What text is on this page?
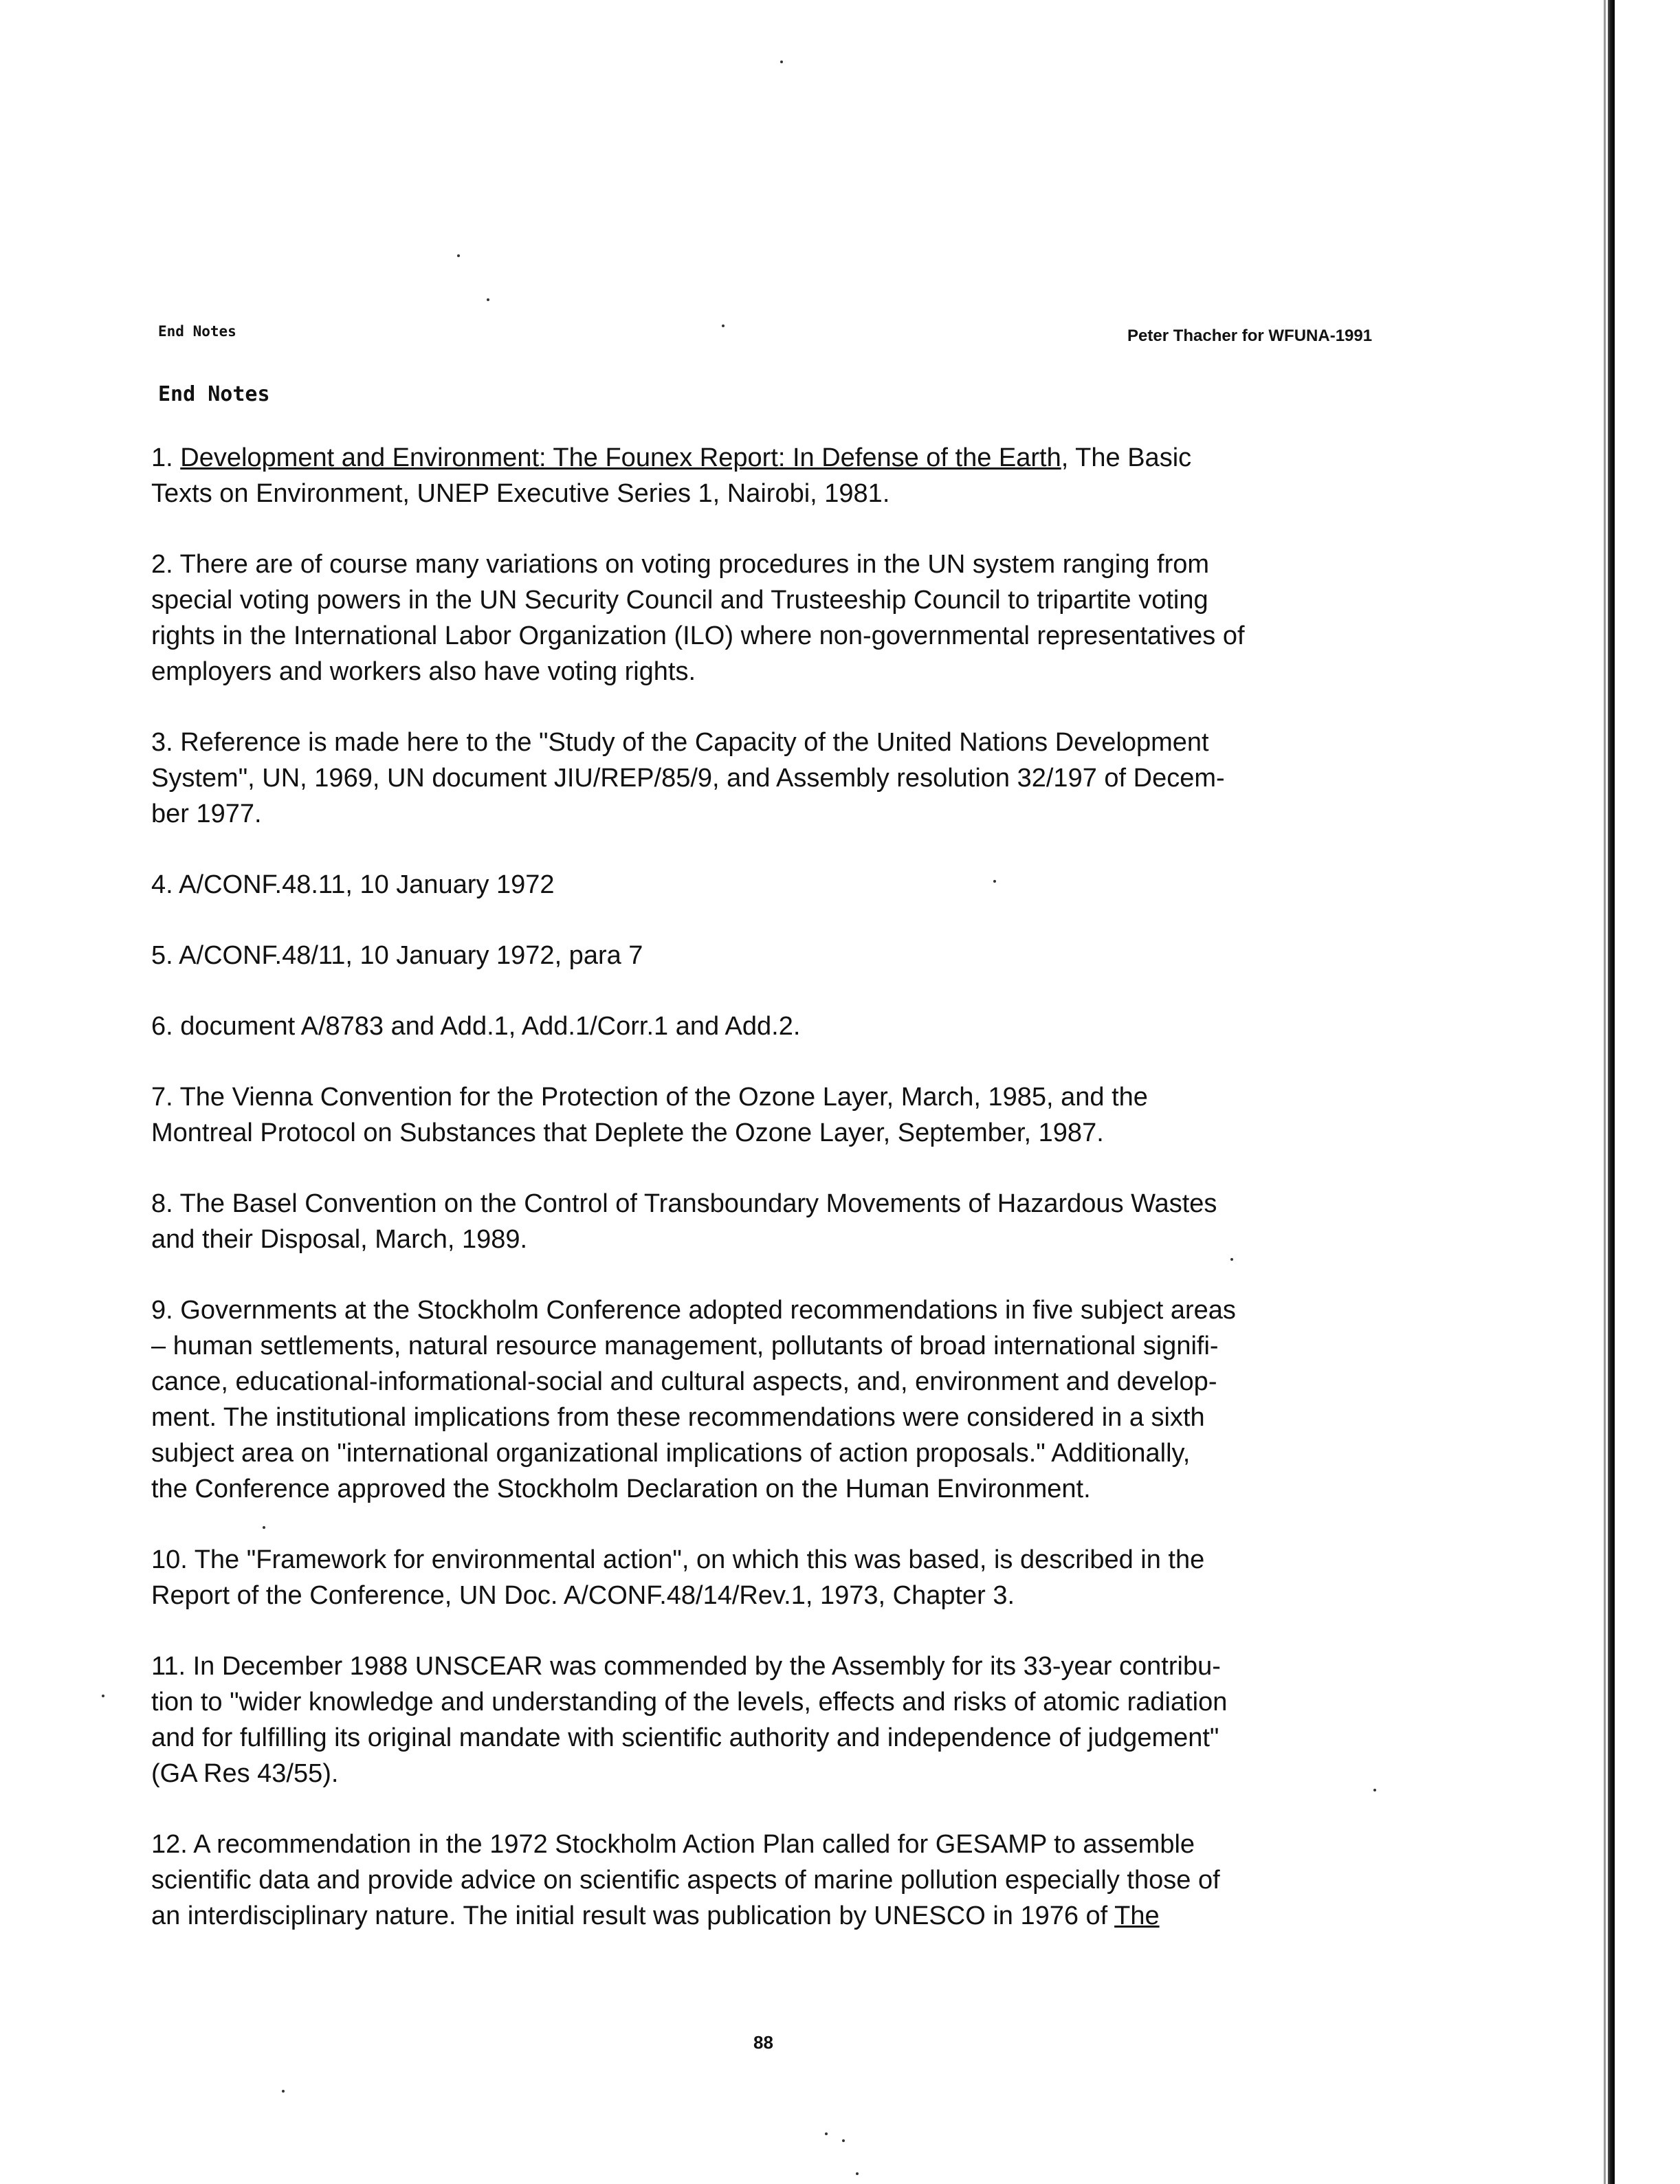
End Notes	Peter Thacher for WFUNA-1991
End Notes

1. Development and Environment: The Founex Report: In Defense of the Earth, The Basic
Texts on Environment, UNEP Executive Series 1, Nairobi, 1981.

2. There are of course many variations on voting procedures in the UN system ranging from
special voting powers in the UN Security Council and Trusteeship Council to tripartite voting
rights in the International Labor Organization (ILO) where non-governmental representatives of
employers and workers also have voting rights.

3. Reference is made here to the "Study of the Capacity of the United Nations Development
System", UN, 1969, UN document JIU/REP/85/9, and Assembly resolution 32/197 of Decem-
ber 1977.

4. A/CONF.48.11, 10 January 1972

5. A/CONF.48/11, 10 January 1972, para 7

6. document A/8783 and Add.1, Add.1/Corr.1 and Add.2.

7. The Vienna Convention for the Protection of the Ozone Layer, March, 1985, and the
Montreal Protocol on Substances that Deplete the Ozone Layer, September, 1987.

8. The Basel Convention on the Control of Transboundary Movements of Hazardous Wastes
and their Disposal, March, 1989.

9. Governments at the Stockholm Conference adopted recommendations in five subject areas
– human settlements, natural resource management, pollutants of broad international signifi-
cance, educational-informational-social and cultural aspects, and, environment and develop-
ment. The institutional implications from these recommendations were considered in a sixth
subject area on "international organizational implications of action proposals." Additionally,
the Conference approved the Stockholm Declaration on the Human Environment.

10. The "Framework for environmental action", on which this was based, is described in the
Report of the Conference, UN Doc. A/CONF.48/14/Rev.1, 1973, Chapter 3.

11. In December 1988 UNSCEAR was commended by the Assembly for its 33-year contribu-
tion to "wider knowledge and understanding of the levels, effects and risks of atomic radiation
and for fulfilling its original mandate with scientific authority and independence of judgement"
(GA Res 43/55).

12. A recommendation in the 1972 Stockholm Action Plan called for GESAMP to assemble
scientific data and provide advice on scientific aspects of marine pollution especially those of
an interdisciplinary nature. The initial result was publication by UNESCO in 1976 of The

88
